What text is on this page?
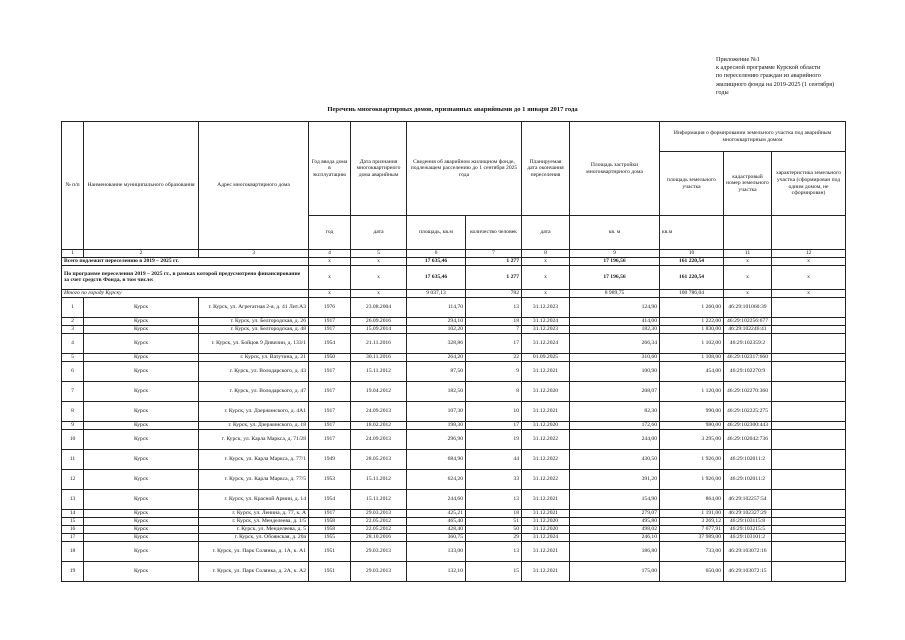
Приложение №1
к адресной программе Курской области
по переселению граждан из аварийного
жилищного фонда на 2019-2025 (1 сентября)
годы
Перечень многоквартирных домов, признанных аварийными до 1 января 2017 года
№ п/п	Наименование муниципального образования	Адрес многоквартирного дома	Год ввода дома в эксплуатацию	Дата признания многоквартирного дома аварийным	Сведения об аварийном жилищном фонде, подлежащем расселению до 1 сентября 2025 года		Планируемая дата окончания переселения	Площадь застройки многоквартирного дома	Информация о формировании земельного участка под аварийным многоквартирным домом		
									площадь земельного участка	кадастровый номер земельного участка	характеристика земельного участка (сформирован под одним домом, не сформирован)
			год	дата	площадь, кв.м	количество человек	дата	кв. м	кв.м		
1	2	3	4	5	6	7	8	9	10	11	12
Всего подлежит переселению в 2019 – 2025 гг.			x	x	17 635,46	1 277	x	17 196,56	161 220,54	x	x
По программе переселения 2019 – 2025 гг., в рамках которой предусмотрено финансирование за счет средств Фонда, в том числе:			x	x	17 635,46	1 277	x	17 196,56	161 220,54	x	x
Итого по городу Курску			x	x	9 037,13	782	x	8 989,75	100 786,04	x	x
1	Курск	г. Курск, ул. Агрегатная 2-я, д. 41 Лит.А3	1976	23.08.2004	114,70	13	31.12.2023	124,90	1 260,00	46:29:101060:39	
2	Курск	г. Курск, ул. Белгородская, д. 26	1917	26.09.2016	294,10	18	31.12.2024	414,00	1 222,00	46:29:102256:677	
3	Курск	г. Курск, ул. Белгородская, д. 48	1917	15.09.2014	102,20	7	31.12.2023	182,30	1 830,00	46:29:102246:41	
4	Курск	г. Курск, ул. Бойцов 9 Дивизии, д. 133/1	1954	21.11.2016	328,86	17	31.12.2024	266,34	1 102,00	46:29:102359:2	
5	Курск	г. Курск, ул. Ватутина, д. 21	1950	30.11.2016	264,20	22	01.09.2025	310,60	1 108,00	46:29:102317:660	
6	Курск	г. Курск, ул. Володарского, д. 43	1917	15.11.2012	87,50	9	31.12.2021	100,90	454,00	46:29:102270:9	
7	Курск	г. Курск, ул. Володарского, д. 47	1917	19.04.2012	182,50	8	31.12.2020	208,07	1 120,00	46:29:102270:360	
8	Курск	г. Курск, ул. Дзержинского, д. 4А1	1917	24.09.2013	107,30	10	31.12.2021	82,30	990,00	46:29:102225:275	
9	Курск	г. Курск, ул. Дзержинского, д. 18	1917	18.02.2012	198,30	17	31.12.2020	172,60	980,00	46:29:102300:443	
10	Курск	г. Курск, ул. Карла Маркса, д. 71/28	1917	24.09.2013	296,90	19	31.12.2022	244,00	3 295,00	46:29:102042:736	
11	Курск	г. Курск, ул. Карла Маркса, д. 77/1	1949	28.05.2013	684,90	44	31.12.2022	430,50	1 926,00	46:29:102011:2	
12	Курск	г. Курск, ул. Карла Маркса, д. 77/5	1953	15.11.2012	624,20	33	31.12.2022	391,20	1 926,00	46:29:102011:2	
13	Курск	г. Курск, ул. Красной Армии, д. 14	1954	15.11.2012	244,60	13	31.12.2021	154,90	864,00	46:29:102257:54	
14	Курск	г. Курск, ул. Ленина, д. 77, к. А	1917	29.03.2013	425,21	18	31.12.2021	279,07	1 191,00	46:29:102327:29	
15	Курск	г. Курск, ул. Менделеева, д. 1/5	1958	22.05.2012	465,40	51	31.12.2020	495,80	3 269,12	46:29:103115:8	
16	Курск	г. Курск, ул. Менделеева, д. 5	1958	22.05.2012	428,40	50	31.12.2020	498,02	7 677,91	46:29:103215:5	
17	Курск	г. Курск, ул. Обоянская, д. 20а	1955	28.10.2016	360,75	29	31.12.2024	246,10	37 989,00	46:29:103101:2	
18	Курск	г. Курск, ул. Парк Солянка, д. 1А, к. А1	1951	29.03.2013	133,00	13	31.12.2021	186,80	733,00	46:29:103072:16	
19	Курск	г. Курск, ул. Парк Солянка, д. 2А, к. А2	1951	29.03.2013	132,10	15	31.12.2021	175,00	650,00	46:29:103072:15	
